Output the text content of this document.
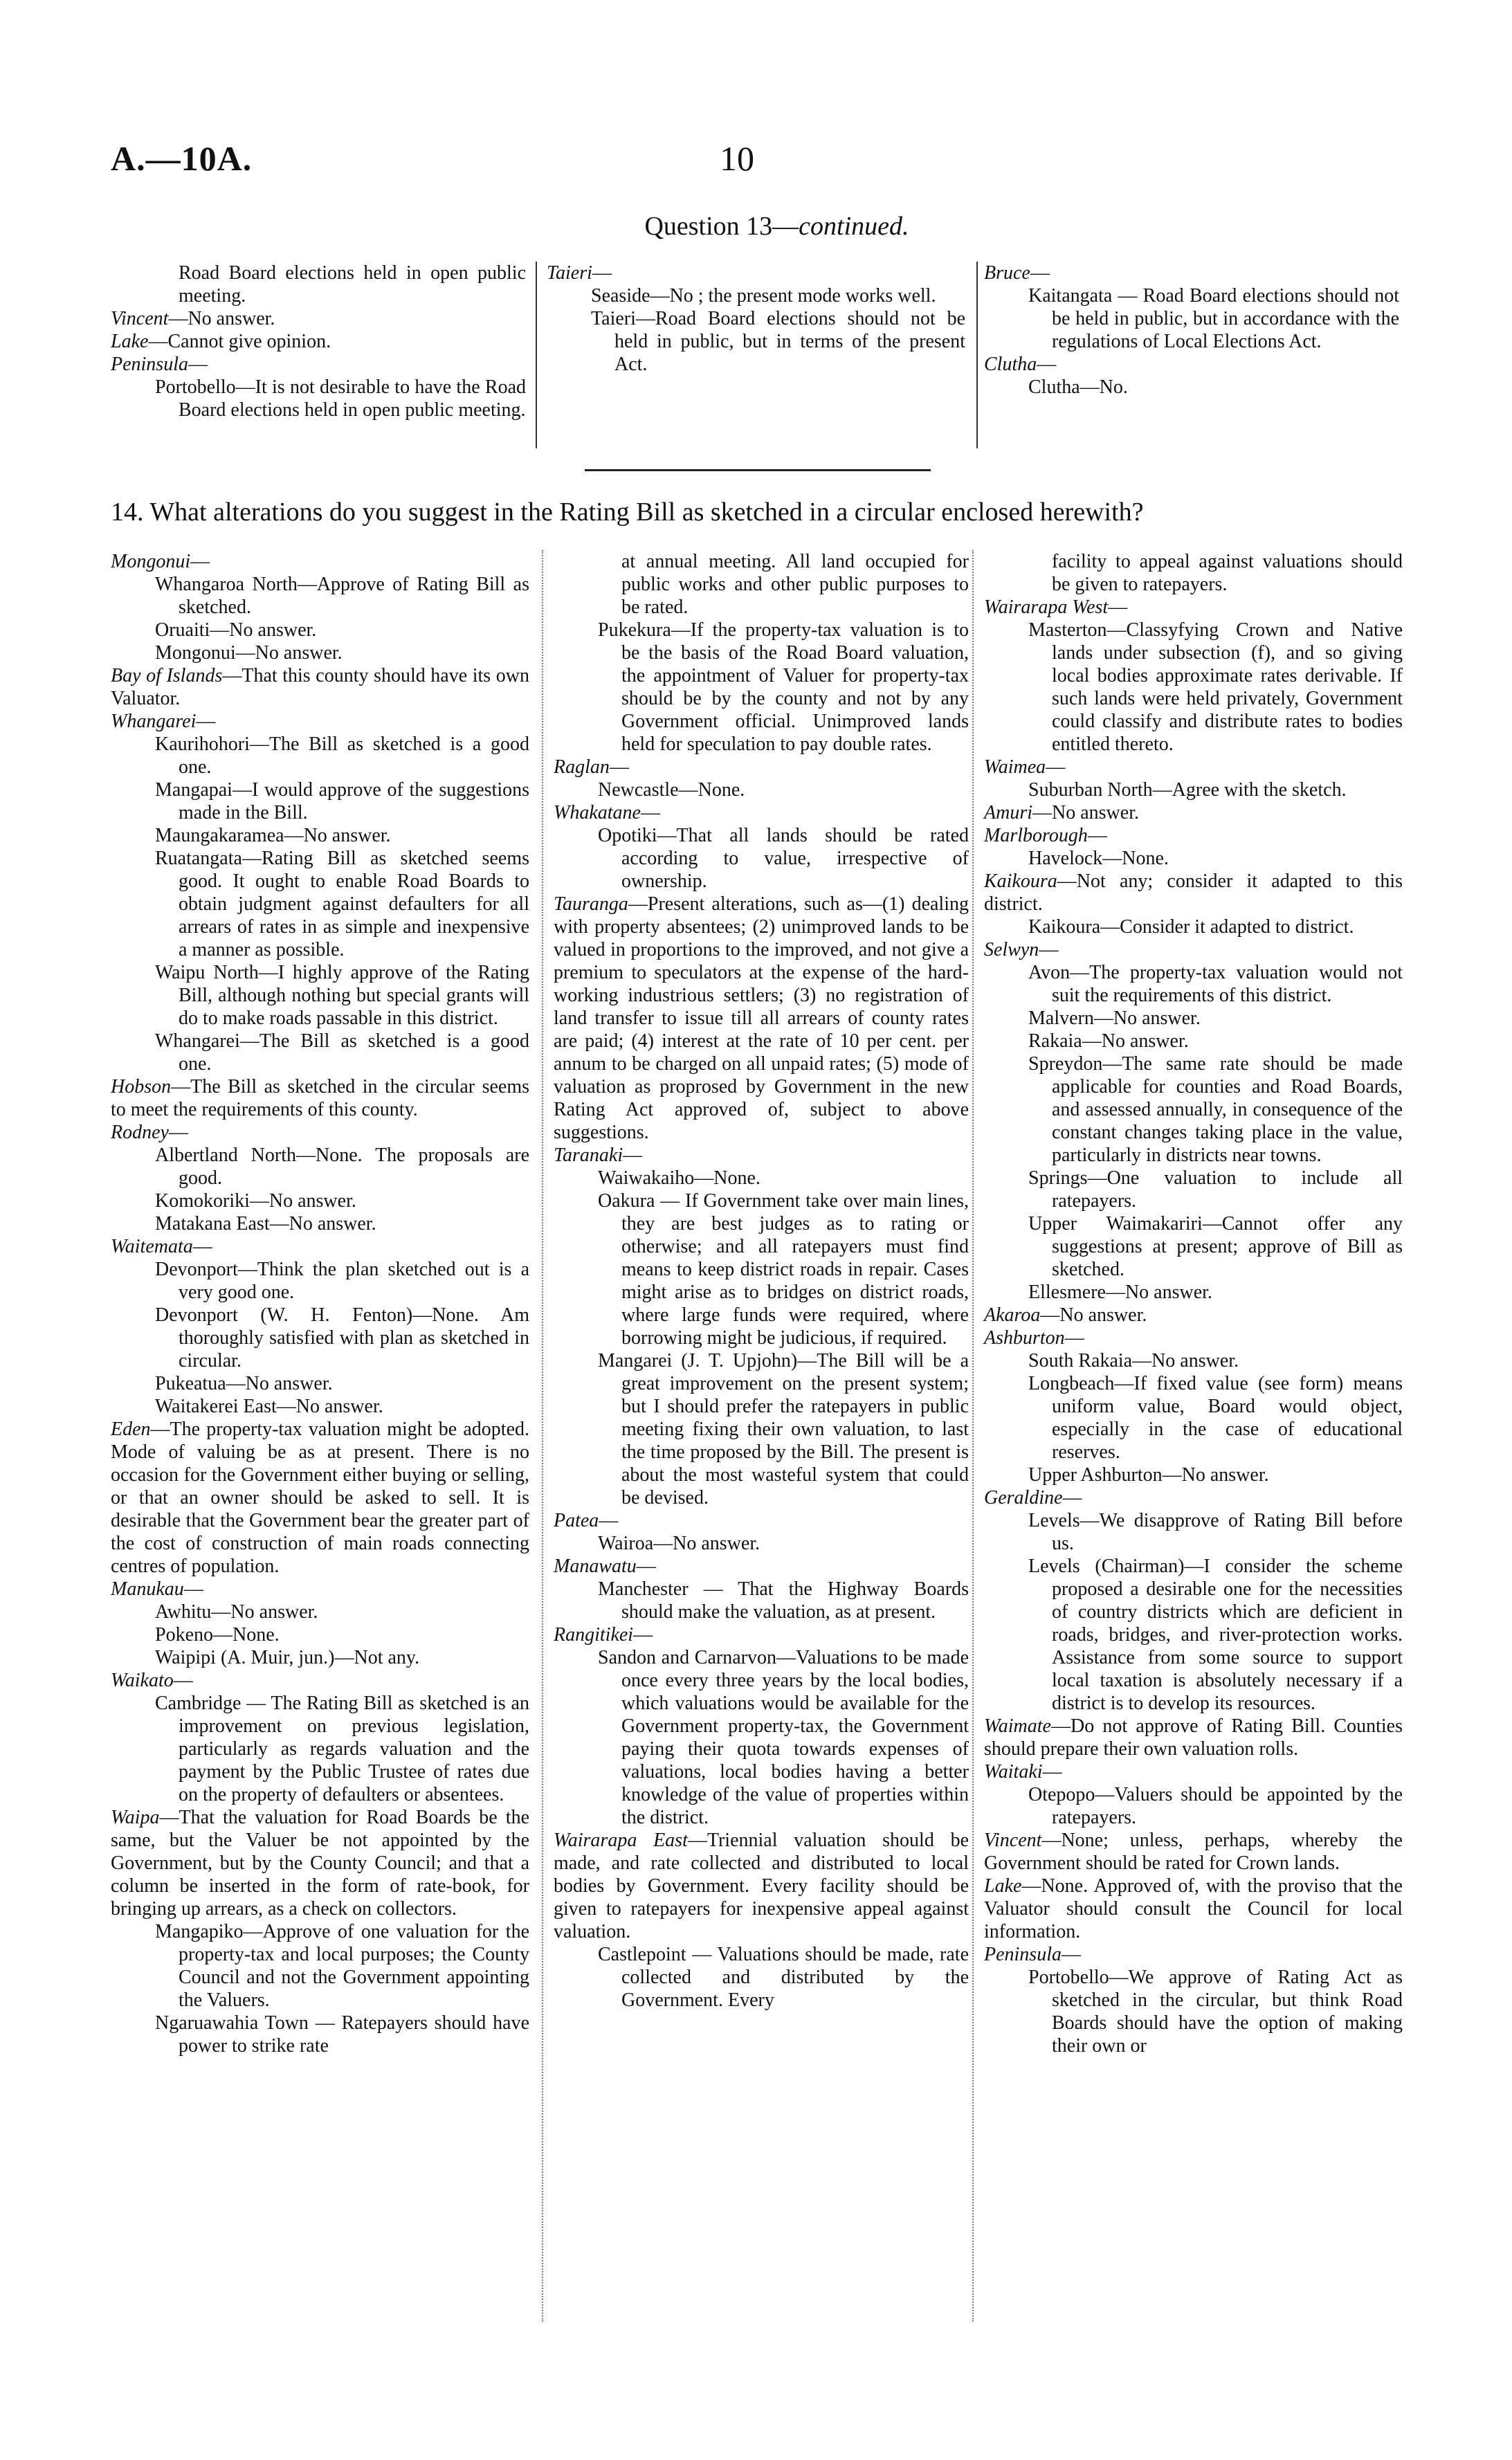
A.—10A.	10
Question 13—continued.
Road Board elections held in open public meeting.
Vincent—No answer.
Lake—Cannot give opinion.
Peninsula—
Portobello—It is not desirable to have the Road Board elections held in open public meeting.
Taieri—
Seaside—No ; the present mode works well.
Taieri—Road Board elections should not be held in public, but in terms of the present Act.
Bruce—
Kaitangata — Road Board elections should not be held in public, but in accordance with the regulations of Local Elections Act.
Clutha—
Clutha—No.
14. What alterations do you suggest in the Rating Bill as sketched in a circular enclosed herewith?
Mongonui—
Whangaroa North—Approve of Rating Bill as sketched.
Oruaiti—No answer.
Mongonui—No answer.
Bay of Islands—That this county should have its own Valuator.
Whangarei—
Kaurihohori—The Bill as sketched is a good one.
Mangapai—I would approve of the suggestions made in the Bill.
Maungakaramea—No answer.
Ruatangata—Rating Bill as sketched seems good. It ought to enable Road Boards to obtain judgment against defaulters for all arrears of rates in as simple and inexpensive a manner as possible.
Waipu North—I highly approve of the Rating Bill, although nothing but special grants will do to make roads passable in this district.
Whangarei—The Bill as sketched is a good one.
Hobson—The Bill as sketched in the circular seems to meet the requirements of this county.
Rodney—
Albertland North—None. The proposals are good.
Komokoriki—No answer.
Matakana East—No answer.
Waitemata—
Devonport—Think the plan sketched out is a very good one.
Devonport (W. H. Fenton)—None. Am thoroughly satisfied with plan as sketched in circular.
Pukeatua—No answer.
Waitakerei East—No answer.
Eden—The property-tax valuation might be adopted. Mode of valuing be as at present. There is no occasion for the Government either buying or selling, or that an owner should be asked to sell. It is desirable that the Government bear the greater part of the cost of construction of main roads connecting centres of population.
Manukau—
Awhitu—No answer.
Pokeno—None.
Waipipi (A. Muir, jun.)—Not any.
Waikato—
Cambridge — The Rating Bill as sketched is an improvement on previous legislation, particularly as regards valuation and the payment by the Public Trustee of rates due on the property of defaulters or absentees.
Waipa—That the valuation for Road Boards be the same, but the Valuer be not appointed by the Government, but by the County Council; and that a column be inserted in the form of rate-book, for bringing up arrears, as a check on collectors.
Mangapiko—Approve of one valuation for the property-tax and local purposes; the County Council and not the Government appointing the Valuers.
Ngaruawahia Town — Ratepayers should have power to strike rate
at annual meeting. All land occupied for public works and other public purposes to be rated.
Pukekura—If the property-tax valuation is to be the basis of the Road Board valuation, the appointment of Valuer for property-tax should be by the county and not by any Government official. Unimproved lands held for speculation to pay double rates.
Raglan—
Newcastle—None.
Whakatane—
Opotiki—That all lands should be rated according to value, irrespective of ownership.
Tauranga—Present alterations, such as—(1) dealing with property absentees; (2) unimproved lands to be valued in proportions to the improved, and not give a premium to speculators at the expense of the hard-working industrious settlers; (3) no registration of land transfer to issue till all arrears of county rates are paid; (4) interest at the rate of 10 per cent. per annum to be charged on all unpaid rates; (5) mode of valuation as proprosed by Government in the new Rating Act approved of, subject to above suggestions.
Taranaki—
Waiwakaiho—None.
Oakura — If Government take over main lines, they are best judges as to rating or otherwise; and all ratepayers must find means to keep district roads in repair. Cases might arise as to bridges on district roads, where large funds were required, where borrowing might be judicious, if required.
Mangarei (J. T. Upjohn)—The Bill will be a great improvement on the present system; but I should prefer the ratepayers in public meeting fixing their own valuation, to last the time proposed by the Bill. The present is about the most wasteful system that could be devised.
Patea—
Wairoa—No answer.
Manawatu—
Manchester — That the Highway Boards should make the valuation, as at present.
Rangitikei—
Sandon and Carnarvon—Valuations to be made once every three years by the local bodies, which valuations would be available for the Government property-tax, the Government paying their quota towards expenses of valuations, local bodies having a better knowledge of the value of properties within the district.
Wairarapa East—Triennial valuation should be made, and rate collected and distributed to local bodies by Government. Every facility should be given to ratepayers for inexpensive appeal against valuation.
Castlepoint — Valuations should be made, rate collected and distributed by the Government. Every
facility to appeal against valuations should be given to ratepayers.
Wairarapa West—
Masterton—Classyfying Crown and Native lands under subsection (f), and so giving local bodies approximate rates derivable. If such lands were held privately, Government could classify and distribute rates to bodies entitled thereto.
Waimea—
Suburban North—Agree with the sketch.
Amuri—No answer.
Marlborough—
Havelock—None.
Kaikoura—Not any; consider it adapted to this district.
Kaikoura—Consider it adapted to district.
Selwyn—
Avon—The property-tax valuation would not suit the requirements of this district.
Malvern—No answer.
Rakaia—No answer.
Spreydon—The same rate should be made applicable for counties and Road Boards, and assessed annually, in consequence of the constant changes taking place in the value, particularly in districts near towns.
Springs—One valuation to include all ratepayers.
Upper Waimakariri—Cannot offer any suggestions at present; approve of Bill as sketched.
Ellesmere—No answer.
Akaroa—No answer.
Ashburton—
South Rakaia—No answer.
Longbeach—If fixed value (see form) means uniform value, Board would object, especially in the case of educational reserves.
Upper Ashburton—No answer.
Geraldine—
Levels—We disapprove of Rating Bill before us.
Levels (Chairman)—I consider the scheme proposed a desirable one for the necessities of country districts which are deficient in roads, bridges, and river-protection works. Assistance from some source to support local taxation is absolutely necessary if a district is to develop its resources.
Waimate—Do not approve of Rating Bill. Counties should prepare their own valuation rolls.
Waitaki—
Otepopo—Valuers should be appointed by the ratepayers.
Vincent—None; unless, perhaps, whereby the Government should be rated for Crown lands.
Lake—None. Approved of, with the proviso that the Valuator should consult the Council for local information.
Peninsula—
Portobello—We approve of Rating Act as sketched in the circular, but think Road Boards should have the option of making their own or
